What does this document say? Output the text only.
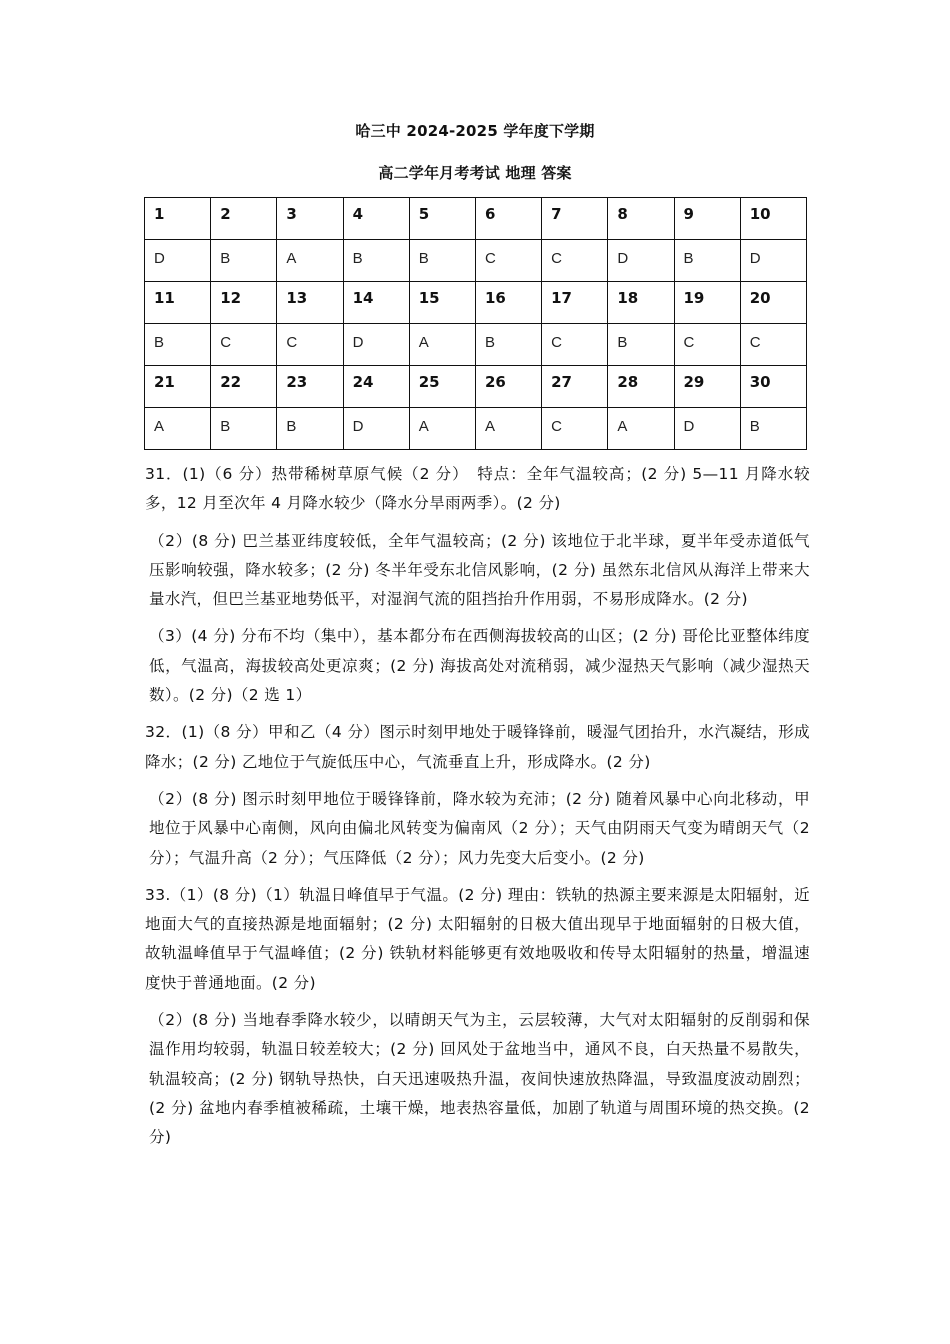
哈三中 2024-2025 学年度下学期
高二学年月考考试 地理 答案
1	2	3	4	5	6	7	8	9	10
D	B	A	B	B	C	C	D	B	D
11	12	13	14	15	16	17	18	19	20
B	C	C	D	A	B	C	B	C	C
21	22	23	24	25	26	27	28	29	30
A	B	B	D	A	A	C	A	D	B

31．(1)（6 分）热带稀树草原气候（2 分）　特点：全年气温较高；(2 分) 5—11 月降水较多，12 月至次年 4 月降水较少（降水分旱雨两季）。(2 分)

（2）(8 分) 巴兰基亚纬度较低，全年气温较高；(2 分) 该地位于北半球，夏半年受赤道低气压影响较强，降水较多；(2 分) 冬半年受东北信风影响，(2 分) 虽然东北信风从海洋上带来大量水汽，但巴兰基亚地势低平，对湿润气流的阻挡抬升作用弱，不易形成降水。(2 分)

（3）(4 分) 分布不均（集中），基本都分布在西侧海拔较高的山区；(2 分) 哥伦比亚整体纬度低，气温高，海拔较高处更凉爽；(2 分) 海拔高处对流稍弱，减少湿热天气影响（减少湿热天数）。(2 分)（2 选 1）

32．(1)（8 分）甲和乙（4 分）图示时刻甲地处于暖锋锋前，暖湿气团抬升，水汽凝结，形成降水；(2 分) 乙地位于气旋低压中心，气流垂直上升，形成降水。(2 分)

（2）(8 分) 图示时刻甲地位于暖锋锋前，降水较为充沛；(2 分) 随着风暴中心向北移动，甲地位于风暴中心南侧，风向由偏北风转变为偏南风（2 分）；天气由阴雨天气变为晴朗天气（2 分）；气温升高（2 分）；气压降低（2 分）；风力先变大后变小。(2 分)

33.（1）(8 分)（1）轨温日峰值早于气温。(2 分) 理由：铁轨的热源主要来源是太阳辐射，近地面大气的直接热源是地面辐射；(2 分) 太阳辐射的日极大值出现早于地面辐射的日极大值，故轨温峰值早于气温峰值；(2 分) 铁轨材料能够更有效地吸收和传导太阳辐射的热量，增温速度快于普通地面。(2 分)

（2）(8 分) 当地春季降水较少，以晴朗天气为主，云层较薄，大气对太阳辐射的反削弱和保温作用均较弱，轨温日较差较大；(2 分) 回风处于盆地当中，通风不良，白天热量不易散失，轨温较高；(2 分) 钢轨导热快，白天迅速吸热升温，夜间快速放热降温，导致温度波动剧烈；(2 分) 盆地内春季植被稀疏，土壤干燥，地表热容量低，加剧了轨道与周围环境的热交换。(2 分)
